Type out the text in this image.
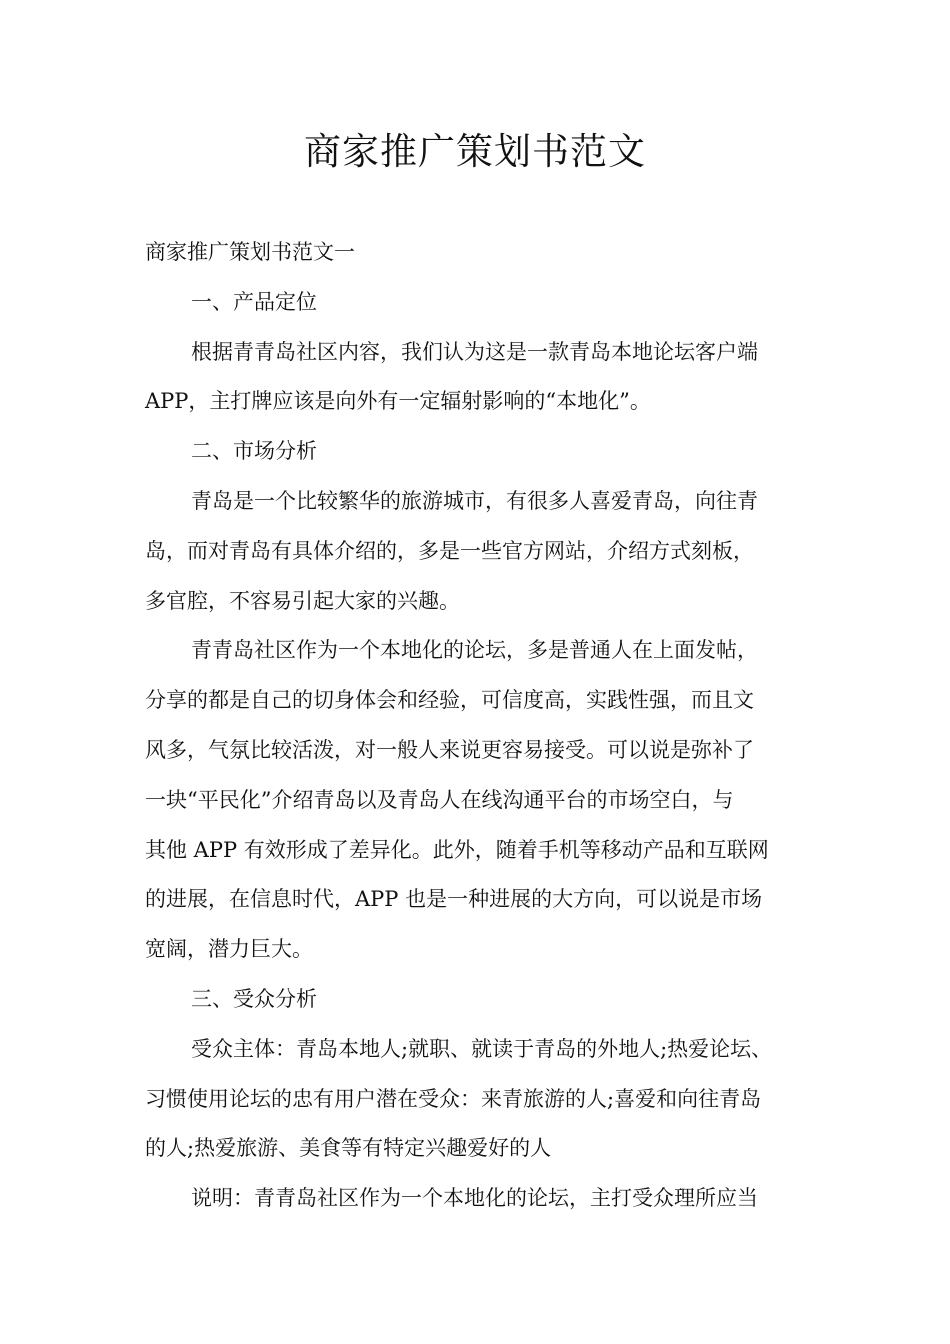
商家推广策划书范文
商家推广策划书范文一
一、产品定位
根据青青岛社区内容，我们认为这是一款青岛本地论坛客户端
APP，主打牌应该是向外有一定辐射影响的“本地化”。
二、市场分析
青岛是一个比较繁华的旅游城市，有很多人喜爱青岛，向往青
岛，而对青岛有具体介绍的，多是一些官方网站，介绍方式刻板，
多官腔，不容易引起大家的兴趣。
青青岛社区作为一个本地化的论坛，多是普通人在上面发帖，
分享的都是自己的切身体会和经验，可信度高，实践性强，而且文
风多，气氛比较活泼，对一般人来说更容易接受。可以说是弥补了
一块“平民化”介绍青岛以及青岛人在线沟通平台的市场空白，与
其他 APP 有效形成了差异化。此外，随着手机等移动产品和互联网
的进展，在信息时代，APP 也是一种进展的大方向，可以说是市场
宽阔，潜力巨大。
三、受众分析
受众主体：青岛本地人;就职、就读于青岛的外地人;热爱论坛、
习惯使用论坛的忠有用户潜在受众：来青旅游的人;喜爱和向往青岛
的人;热爱旅游、美食等有特定兴趣爱好的人
说明：青青岛社区作为一个本地化的论坛，主打受众理所应当
